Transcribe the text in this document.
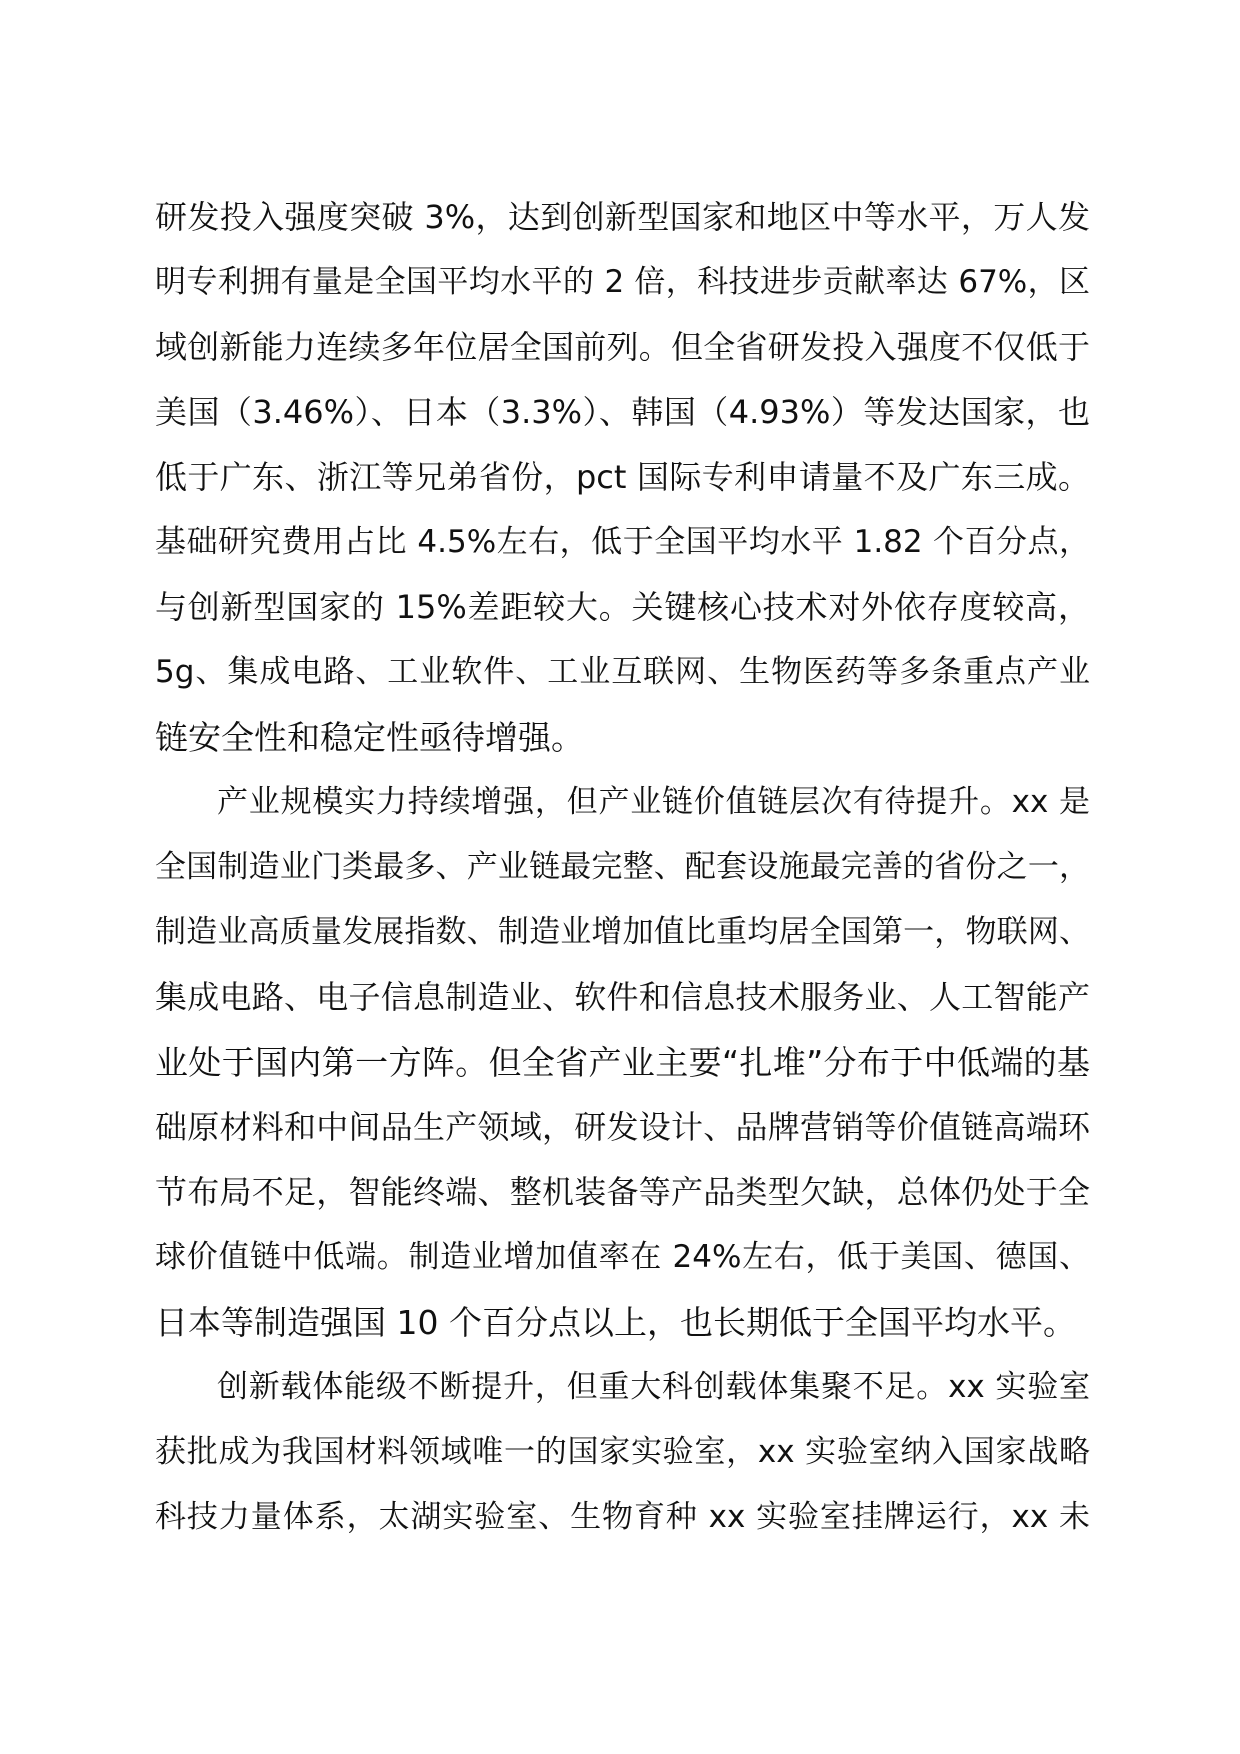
研发投入强度突破 3%，达到创新型国家和地区中等水平，万人发
明专利拥有量是全国平均水平的 2 倍，科技进步贡献率达 67%，区
域创新能力连续多年位居全国前列。但全省研发投入强度不仅低于
美国（3.46%）、日本（3.3%）、韩国（4.93%）等发达国家，也
低于广东、浙江等兄弟省份，pct 国际专利申请量不及广东三成。
基础研究费用占比 4.5%左右，低于全国平均水平 1.82 个百分点，
与创新型国家的 15%差距较大。关键核心技术对外依存度较高，
5g、集成电路、工业软件、工业互联网、生物医药等多条重点产业
链安全性和稳定性亟待增强。
产业规模实力持续增强，但产业链价值链层次有待提升。xx 是
全国制造业门类最多、产业链最完整、配套设施最完善的省份之一，
制造业高质量发展指数、制造业增加值比重均居全国第一，物联网、
集成电路、电子信息制造业、软件和信息技术服务业、人工智能产
业处于国内第一方阵。但全省产业主要“扎堆”分布于中低端的基
础原材料和中间品生产领域，研发设计、品牌营销等价值链高端环
节布局不足，智能终端、整机装备等产品类型欠缺，总体仍处于全
球价值链中低端。制造业增加值率在 24%左右，低于美国、德国、
日本等制造强国 10 个百分点以上，也长期低于全国平均水平。
创新载体能级不断提升，但重大科创载体集聚不足。xx 实验室
获批成为我国材料领域唯一的国家实验室，xx 实验室纳入国家战略
科技力量体系，太湖实验室、生物育种 xx 实验室挂牌运行，xx 未
